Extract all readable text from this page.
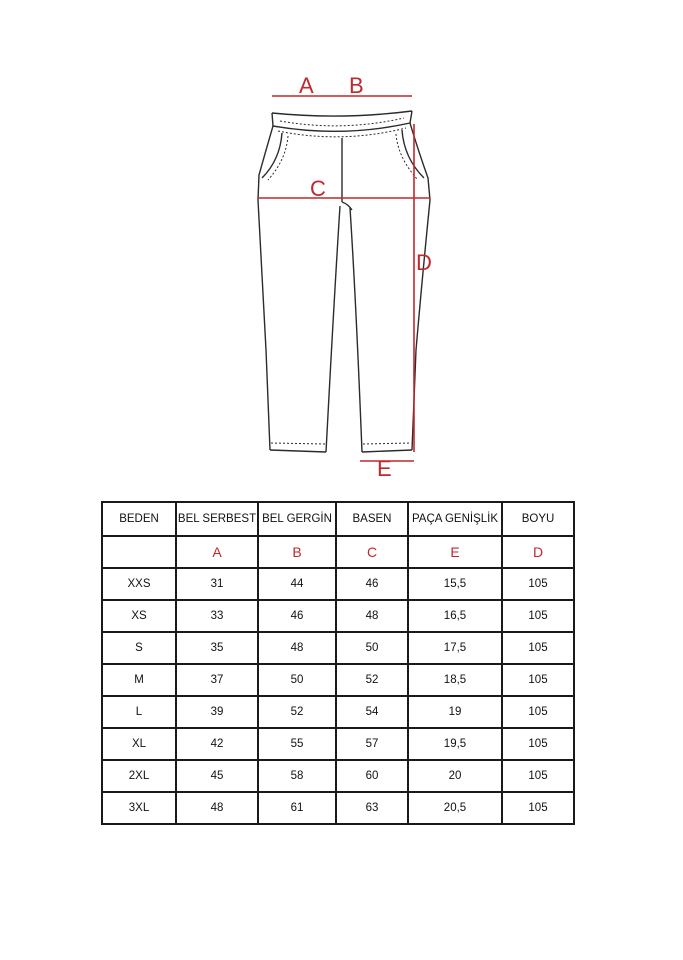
A B
C
D
E
BEDEN	BEL SERBEST	BEL GERGİN	BASEN	PAÇA GENİŞLİK	BOYU
	A	B	C	E	D
XXS	31	44	46	15,5	105
XS	33	46	48	16,5	105
S	35	48	50	17,5	105
M	37	50	52	18,5	105
L	39	52	54	19	105
XL	42	55	57	19,5	105
2XL	45	58	60	20	105
3XL	48	61	63	20,5	105
